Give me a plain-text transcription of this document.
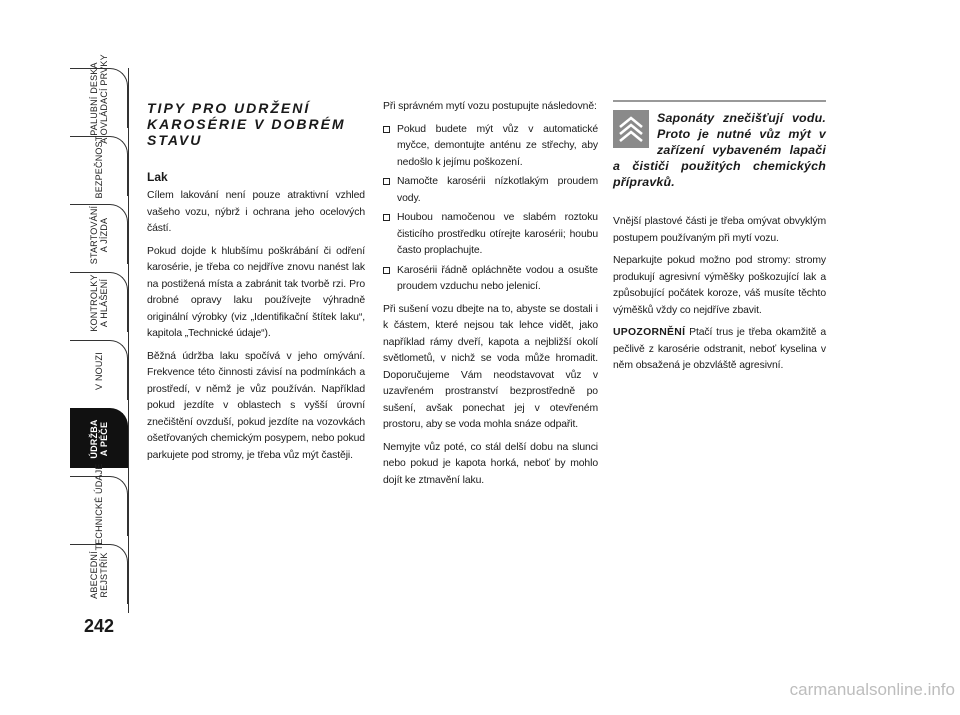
PALUBNÍ DESKA
A OVLÁDACÍ PRVKY
BEZPEČNOST
STARTOVÁNÍ
A JÍZDA
KONTROLKY
A HLÁŠENÍ
V NOUZI
ÚDRŽBA
A PÉČE
TECHNICKÉ ÚDAJE
ABECEDNÍ
REJSTŘÍK
242
TIPY PRO UDRŽENÍ KAROSÉRIE V DOBRÉM STAVU
Lak

Cílem lakování není pouze atraktivní vzhled vašeho vozu, nýbrž i ochrana jeho ocelových částí.

Pokud dojde k hlubšímu poškrábání či odření karosérie, je třeba co nejdříve znovu nanést lak na postižená místa a zabránit tak tvorbě rzi. Pro drobné opravy laku používejte výhradně originální výrobky (viz „Identifikační štítek laku“, kapitola „Technické údaje“).

Běžná údržba laku spočívá v jeho omývání. Frekvence této činnosti závisí na podmínkách a prostředí, v němž je vůz používán. Například pokud jezdíte v oblastech s vyšší úrovní znečištění ovzduší, pokud jezdíte na vozovkách ošetřovaných chemickým posypem, nebo pokud parkujete pod stromy, je třeba vůz mýt častěji.

Při správném mytí vozu postupujte následovně:

Pokud budete mýt vůz v automatické myčce, demontujte anténu ze střechy, aby nedošlo k jejímu poškození.
Namočte karosérii nízkotlakým proudem vody.
Houbou namočenou ve slabém roztoku čisticího prostředku otírejte karosérii; houbu často proplachujte.
Karosérii řádně opláchněte vodou a osušte proudem vzduchu nebo jelenicí.

Při sušení vozu dbejte na to, abyste se dostali i k částem, které nejsou tak lehce vidět, jako například rámy dveří, kapota a nejbližší okolí světlometů, v nichž se voda může hromadit. Doporučujeme Vám neodstavovat vůz v uzavřeném prostranství bezprostředně po sušení, avšak ponechat jej v otevřeném prostoru, aby se voda mohla snáze odpařit.

Nemyjte vůz poté, co stál delší dobu na slunci nebo pokud je kapota horká, neboť by mohlo dojít ke ztmavění laku.

Saponáty znečišťují vodu. Proto je nutné vůz mýt v zařízení vybaveném lapači a čističi použitých chemických přípravků.

Vnější plastové části je třeba omývat obvyklým postupem používaným při mytí vozu.

Neparkujte pokud možno pod stromy: stromy produkují agresivní výměšky poškozující lak a způsobující počátek koroze, váš musíte těchto výměšků vždy co nejdříve zbavit.

UPOZORNĚNÍ Ptačí trus je třeba okamžitě a pečlivě z karosérie odstranit, neboť kyselina v něm obsažená je obzvláště agresivní.

carmanualsonline.info
